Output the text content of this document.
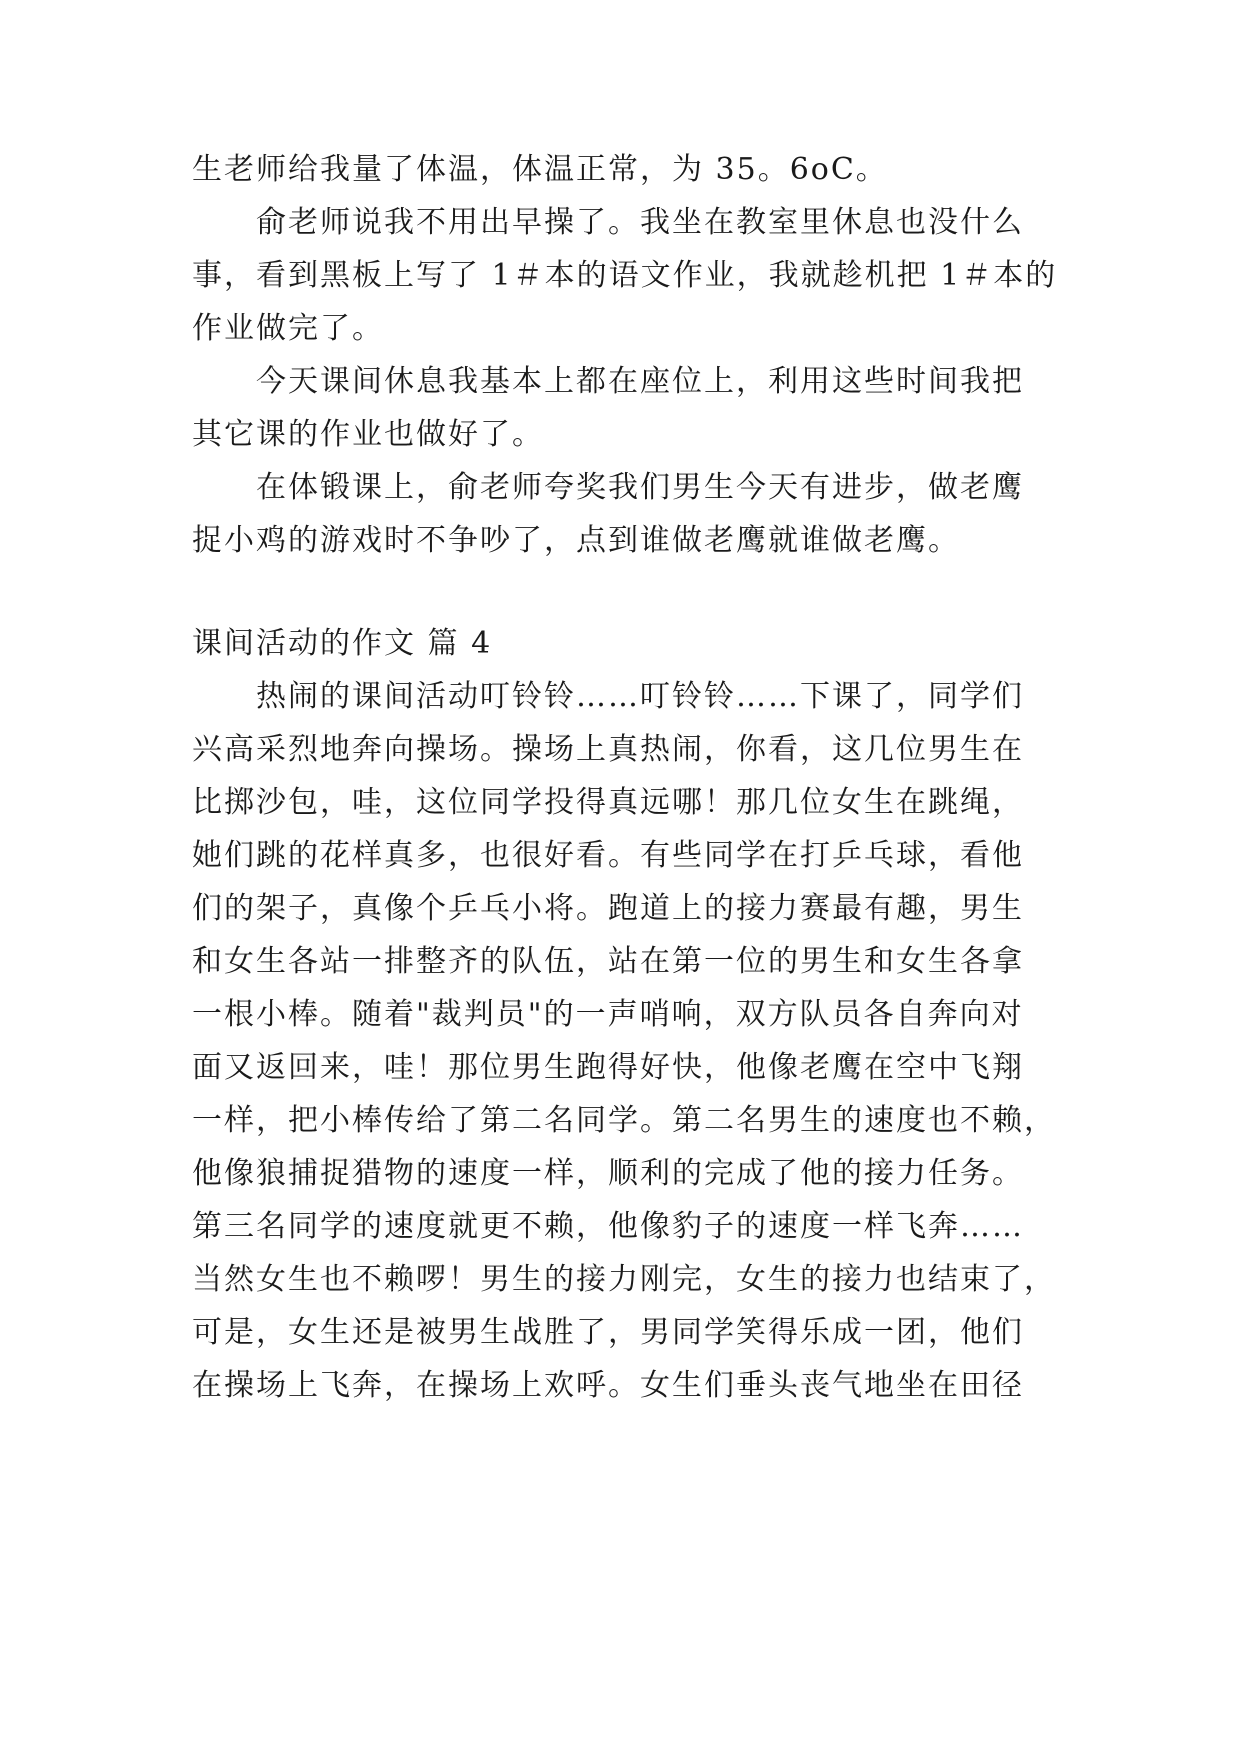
生老师给我量了体温，体温正常，为 35。6oC。
俞老师说我不用出早操了。我坐在教室里休息也没什么
事，看到黑板上写了 1＃本的语文作业，我就趁机把 1＃本的
作业做完了。
今天课间休息我基本上都在座位上，利用这些时间我把
其它课的作业也做好了。
在体锻课上，俞老师夸奖我们男生今天有进步，做老鹰
捉小鸡的游戏时不争吵了，点到谁做老鹰就谁做老鹰。
课间活动的作文 篇 4
热闹的课间活动叮铃铃……叮铃铃……下课了，同学们
兴高采烈地奔向操场。操场上真热闹，你看，这几位男生在
比掷沙包，哇，这位同学投得真远哪！那几位女生在跳绳，
她们跳的花样真多，也很好看。有些同学在打乒乓球，看他
们的架子，真像个乒乓小将。跑道上的接力赛最有趣，男生
和女生各站一排整齐的队伍，站在第一位的男生和女生各拿
一根小棒。随着"裁判员"的一声哨响，双方队员各自奔向对
面又返回来，哇！那位男生跑得好快，他像老鹰在空中飞翔
一样，把小棒传给了第二名同学。第二名男生的速度也不赖，
他像狼捕捉猎物的速度一样，顺利的完成了他的接力任务。
第三名同学的速度就更不赖，他像豹子的速度一样飞奔……
当然女生也不赖啰！男生的接力刚完，女生的接力也结束了，
可是，女生还是被男生战胜了，男同学笑得乐成一团，他们
在操场上飞奔，在操场上欢呼。女生们垂头丧气地坐在田径
